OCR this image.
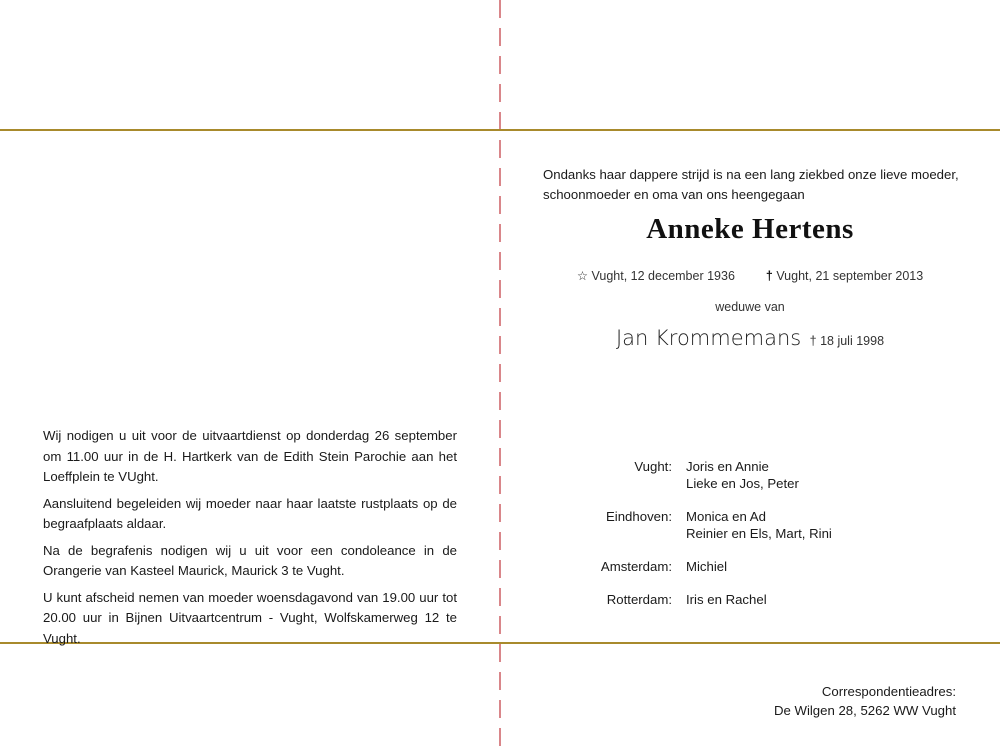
Wij nodigen u uit voor de uitvaartdienst op donderdag 26 september om 11.00 uur in de H. Hartkerk van de Edith Stein Parochie aan het Loeffplein te VUght.

Aansluitend begeleiden wij moeder naar haar laatste rustplaats op de begraafplaats aldaar.

Na de begrafenis nodigen wij u uit voor een condoleance in de Orangerie van Kasteel Maurick, Maurick 3 te Vught.

U kunt afscheid nemen van moeder woensdagavond van 19.00 uur tot 20.00 uur in Bijnen Uitvaartcentrum - Vught, Wolfskamerweg 12 te Vught.

Ondanks haar dappere strijd is na een lang ziekbed onze lieve moeder, schoonmoeder en oma van ons heengegaan
Anneke Hertens
☆ Vught, 12 december 1936 † Vught, 21 september 2013
weduwe van
Jan Krommemans † 18 juli 1998
Vught:	Joris en Annie
Lieke en Jos, Peter
Eindhoven:	Monica en Ad
Reinier en Els, Mart, Rini
Amsterdam:	Michiel
Rotterdam:	Iris en Rachel
Correspondentieadres:
De Wilgen 28, 5262 WW Vught
